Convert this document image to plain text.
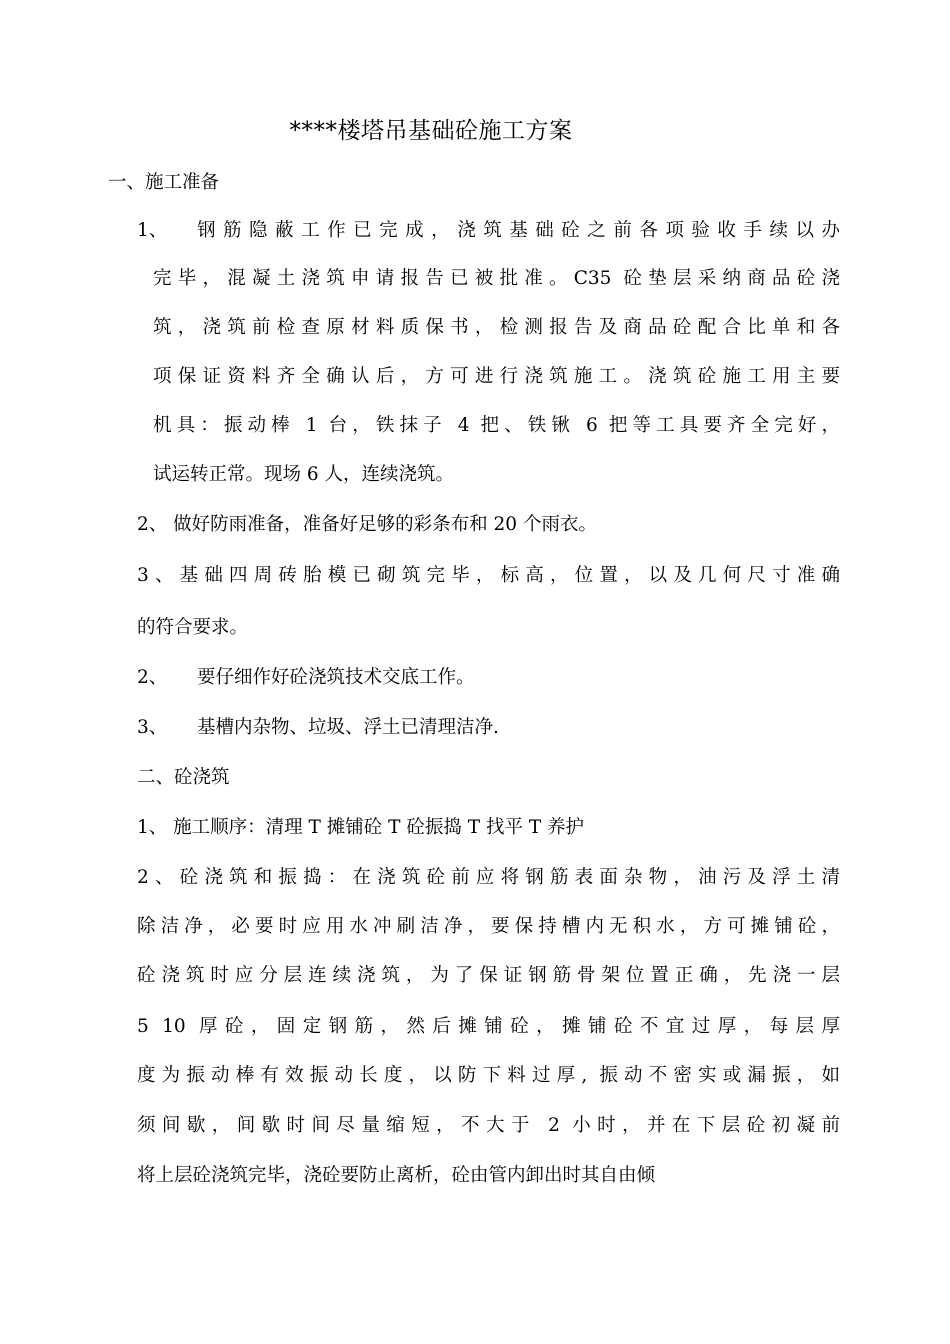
****楼塔吊基础砼施工方案
一、施工准备
1、 钢筋隐蔽工作已完成，浇筑基础砼之前各项验收手续以办
完毕，混凝土浇筑申请报告已被批准。C35 砼垫层采纳商品砼浇
筑，浇筑前检查原材料质保书，检测报告及商品砼配合比单和各
项保证资料齐全确认后，方可进行浇筑施工。浇筑砼施工用主要
机具：振动棒 1 台，铁抹子 4 把、铁锹 6 把等工具要齐全完好，
试运转正常。现场 6 人，连续浇筑。
2、 做好防雨准备，准备好足够的彩条布和 20 个雨衣。
3、基础四周砖胎模已砌筑完毕，标高，位置，以及几何尺寸准确
的符合要求。
2、 要仔细作好砼浇筑技术交底工作。
3、 基槽内杂物、垃圾、浮土已清理洁净.
二、砼浇筑
1、 施工顺序：清理 T 摊铺砼 T 砼振捣 T 找平 T 养护
2、砼浇筑和振捣：在浇筑砼前应将钢筋表面杂物，油污及浮土清
除洁净，必要时应用水冲刷洁净，要保持槽内无积水，方可摊铺砼，
砼浇筑时应分层连续浇筑，为了保证钢筋骨架位置正确，先浇一层
5 10 厚砼，固定钢筋，然后摊铺砼，摊铺砼不宜过厚，每层厚
度为振动棒有效振动长度，以防下料过厚, 振动不密实或漏振，如
须间歇，间歇时间尽量缩短，不大于 2 小时，并在下层砼初凝前
将上层砼浇筑完毕，浇砼要防止离析，砼由管内卸出时其自由倾
